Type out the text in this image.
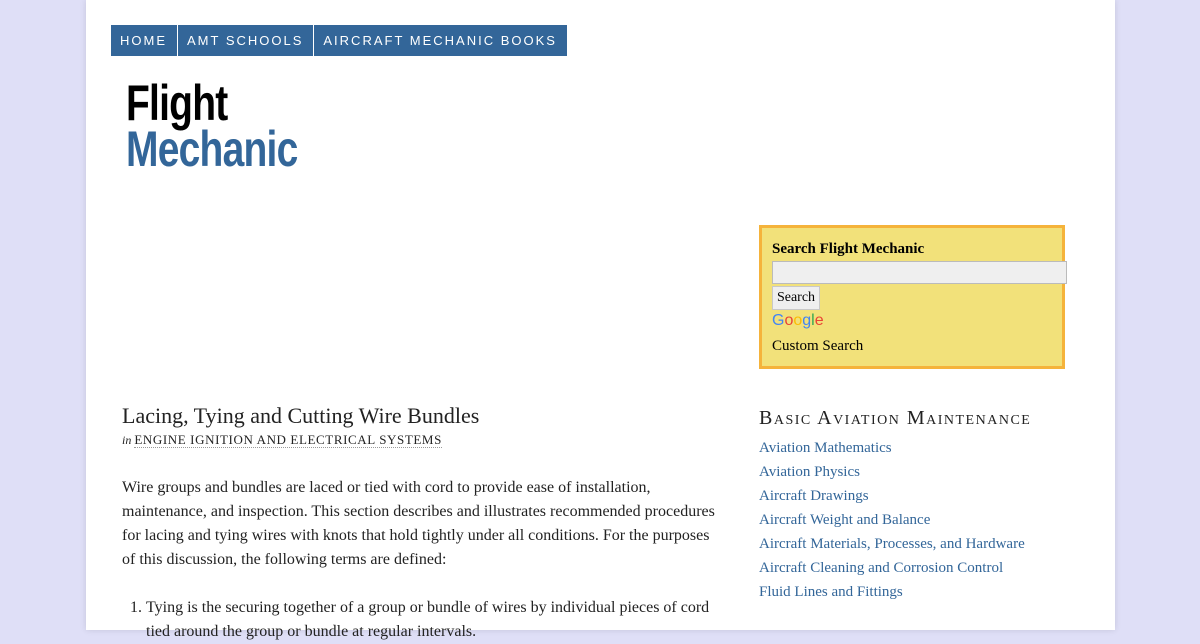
HOME	AMT SCHOOLS	AIRCRAFT MECHANIC BOOKS
Flight
Mechanic
Search Flight Mechanic
Search
Google
Custom Search
Lacing, Tying and Cutting Wire Bundles
in ENGINE IGNITION AND ELECTRICAL SYSTEMS

Wire groups and bundles are laced or tied with cord to provide ease of installation, maintenance, and inspection. This section describes and illustrates recommended procedures for lacing and tying wires with knots that hold tightly under all conditions. For the purposes of this discussion, the following terms are defined:

1. Tying is the securing together of a group or bundle of wires by individual pieces of cord tied around the group or bundle at regular intervals.
Basic Aviation Maintenance
Aviation Mathematics
Aviation Physics
Aircraft Drawings
Aircraft Weight and Balance
Aircraft Materials, Processes, and Hardware
Aircraft Cleaning and Corrosion Control
Fluid Lines and Fittings
